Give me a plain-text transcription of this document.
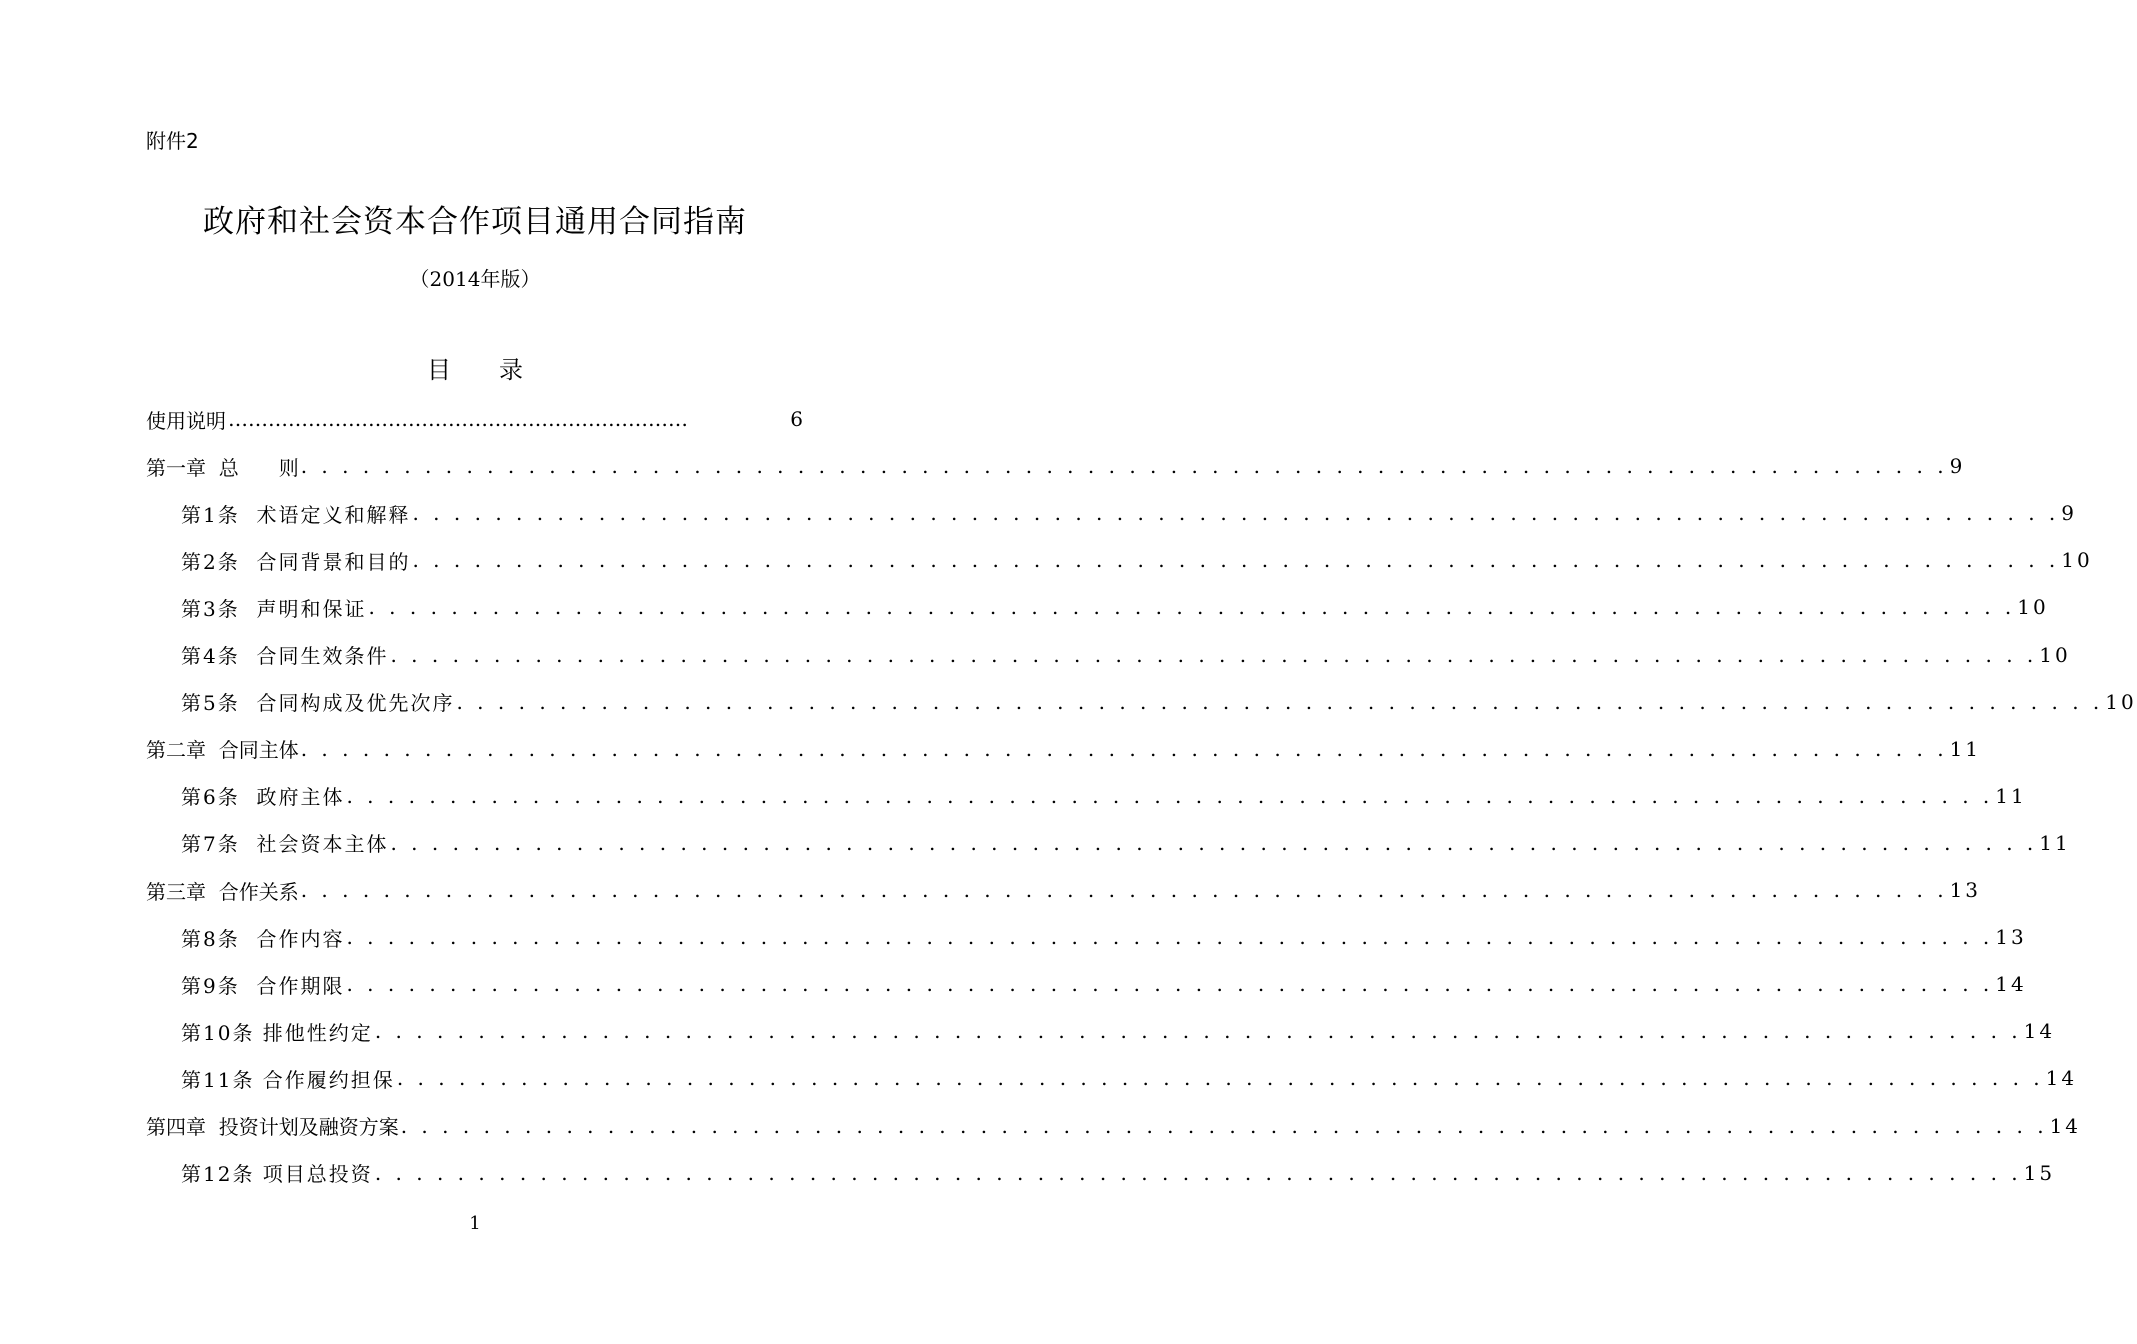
附件2
政府和社会资本合作项目通用合同指南
（2014年版）
目　　录
使用说明 ……………………………………………………………	6
第一章  总　　则 . . . . . . . . . . . . . . . . . . . . . . . . . . . . . . . . . . . . . . . . . . . . . . . . . . . . . . . . . . . . . . . . . . . . . . . . . . . . . . . . 9
第1条  术语定义和解释 . . . . . . . . . . . . . . . . . . . . . . . . . . . . . . . . . . . . . . . . . . . . . . . . . . . . . . . . . . . . . . . . . . . . . . . . . . . . . . . . 9
第2条  合同背景和目的 . . . . . . . . . . . . . . . . . . . . . . . . . . . . . . . . . . . . . . . . . . . . . . . . . . . . . . . . . . . . . . . . . . . . . . . . . . . . . . . . 10
第3条  声明和保证 . . . . . . . . . . . . . . . . . . . . . . . . . . . . . . . . . . . . . . . . . . . . . . . . . . . . . . . . . . . . . . . . . . . . . . . . . . . . . . . . 10
第4条  合同生效条件 . . . . . . . . . . . . . . . . . . . . . . . . . . . . . . . . . . . . . . . . . . . . . . . . . . . . . . . . . . . . . . . . . . . . . . . . . . . . . . . . 10
第5条  合同构成及优先次序 . . . . . . . . . . . . . . . . . . . . . . . . . . . . . . . . . . . . . . . . . . . . . . . . . . . . . . . . . . . . . . . . . . . . . . . . . . . . . . . . 10
第二章  合同主体 . . . . . . . . . . . . . . . . . . . . . . . . . . . . . . . . . . . . . . . . . . . . . . . . . . . . . . . . . . . . . . . . . . . . . . . . . . . . . . . . 11
第6条  政府主体 . . . . . . . . . . . . . . . . . . . . . . . . . . . . . . . . . . . . . . . . . . . . . . . . . . . . . . . . . . . . . . . . . . . . . . . . . . . . . . . . 11
第7条  社会资本主体 . . . . . . . . . . . . . . . . . . . . . . . . . . . . . . . . . . . . . . . . . . . . . . . . . . . . . . . . . . . . . . . . . . . . . . . . . . . . . . . . 11
第三章  合作关系 . . . . . . . . . . . . . . . . . . . . . . . . . . . . . . . . . . . . . . . . . . . . . . . . . . . . . . . . . . . . . . . . . . . . . . . . . . . . . . . . 13
第8条  合作内容 . . . . . . . . . . . . . . . . . . . . . . . . . . . . . . . . . . . . . . . . . . . . . . . . . . . . . . . . . . . . . . . . . . . . . . . . . . . . . . . . 13
第9条  合作期限 . . . . . . . . . . . . . . . . . . . . . . . . . . . . . . . . . . . . . . . . . . . . . . . . . . . . . . . . . . . . . . . . . . . . . . . . . . . . . . . . 14
第10条 排他性约定 . . . . . . . . . . . . . . . . . . . . . . . . . . . . . . . . . . . . . . . . . . . . . . . . . . . . . . . . . . . . . . . . . . . . . . . . . . . . . . . . 14
第11条 合作履约担保 . . . . . . . . . . . . . . . . . . . . . . . . . . . . . . . . . . . . . . . . . . . . . . . . . . . . . . . . . . . . . . . . . . . . . . . . . . . . . . . . 14
第四章  投资计划及融资方案 . . . . . . . . . . . . . . . . . . . . . . . . . . . . . . . . . . . . . . . . . . . . . . . . . . . . . . . . . . . . . . . . . . . . . . . . . . . . . . . . 14
第12条 项目总投资 . . . . . . . . . . . . . . . . . . . . . . . . . . . . . . . . . . . . . . . . . . . . . . . . . . . . . . . . . . . . . . . . . . . . . . . . . . . . . . . . 15
1
